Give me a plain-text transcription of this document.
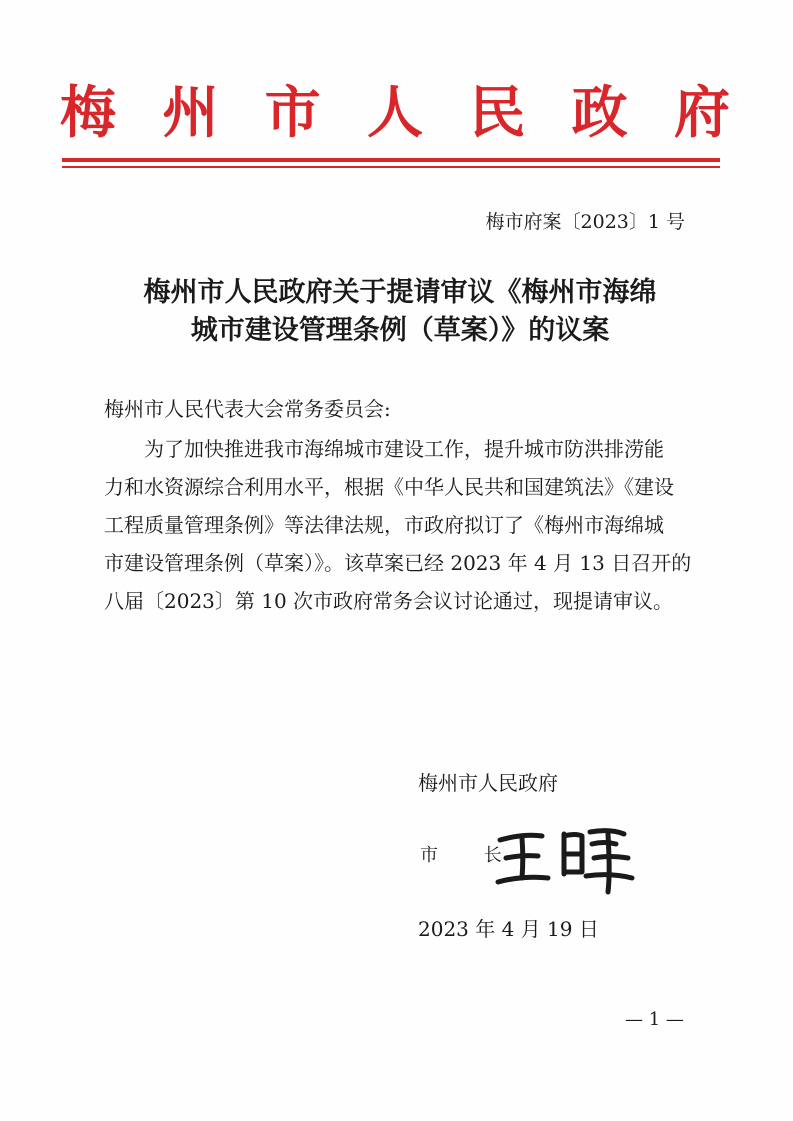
梅 州 市 人 民 政 府
梅市府案〔2023〕1 号
梅州市人民政府关于提请审议《梅州市海绵
城市建设管理条例（草案）》的议案
梅州市人民代表大会常务委员会:
为了加快推进我市海绵城市建设工作，提升城市防洪排涝能
力和水资源综合利用水平，根据《中华人民共和国建筑法》《建设
工程质量管理条例》等法律法规，市政府拟订了《梅州市海绵城
市建设管理条例（草案）》。该草案已经 2023 年 4 月 13 日召开的
八届〔2023〕第 10 次市政府常务会议讨论通过，现提请审议。
梅州市人民政府
市 长
2023 年 4 月 19 日
— 1 —
